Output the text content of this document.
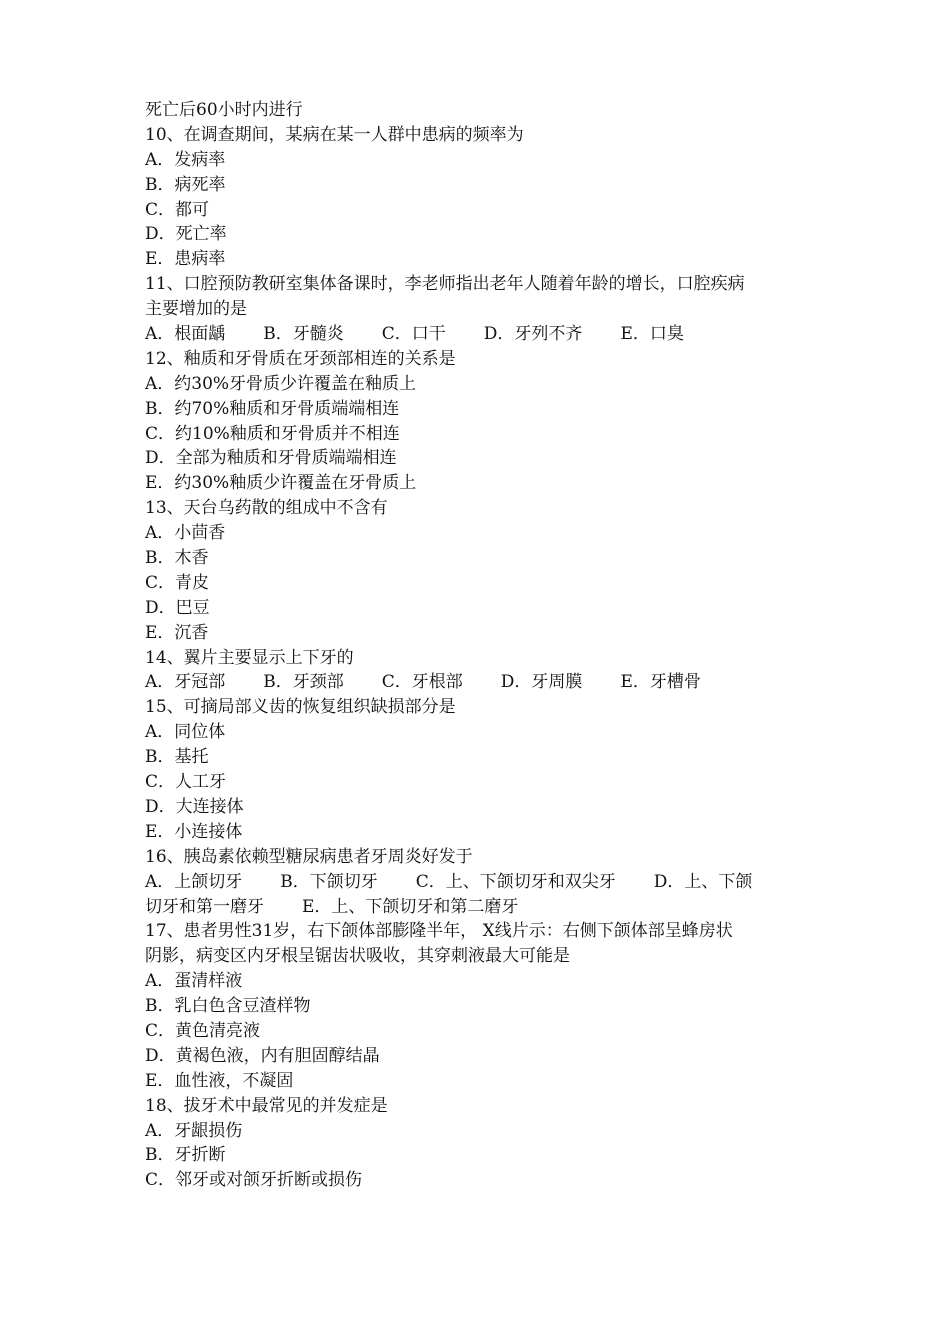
死亡后60小时内进行
10、在调查期间，某病在某一人群中患病的频率为
A．发病率
B．病死率
C．都可
D．死亡率
E．患病率
11、口腔预防教研室集体备课时，李老师指出老年人随着年龄的增长，口腔疾病
主要增加的是
A．根面龋 B．牙髓炎 C．口干 D．牙列不齐 E．口臭
12、釉质和牙骨质在牙颈部相连的关系是
A．约30%牙骨质少许覆盖在釉质上
B．约70%釉质和牙骨质端端相连
C．约10%釉质和牙骨质并不相连
D．全部为釉质和牙骨质端端相连
E．约30%釉质少许覆盖在牙骨质上
13、天台乌药散的组成中不含有
A．小茴香
B．木香
C．青皮
D．巴豆
E．沉香
14、翼片主要显示上下牙的
A．牙冠部 B．牙颈部 C．牙根部 D．牙周膜 E．牙槽骨
15、可摘局部义齿的恢复组织缺损部分是
A．同位体
B．基托
C．人工牙
D．大连接体
E．小连接体
16、胰岛素依赖型糖尿病患者牙周炎好发于
A．上颌切牙 B．下颌切牙 C．上、下颌切牙和双尖牙 D．上、下颌
切牙和第一磨牙 E．上、下颌切牙和第二磨牙
17、患者男性31岁，右下颌体部膨隆半年， X线片示：右侧下颌体部呈蜂房状
阴影，病变区内牙根呈锯齿状吸收，其穿刺液最大可能是
A．蛋清样液
B．乳白色含豆渣样物
C．黄色清亮液
D．黄褐色液，内有胆固醇结晶
E．血性液，不凝固
18、拔牙术中最常见的并发症是
A．牙龈损伤
B．牙折断
C．邻牙或对颌牙折断或损伤
